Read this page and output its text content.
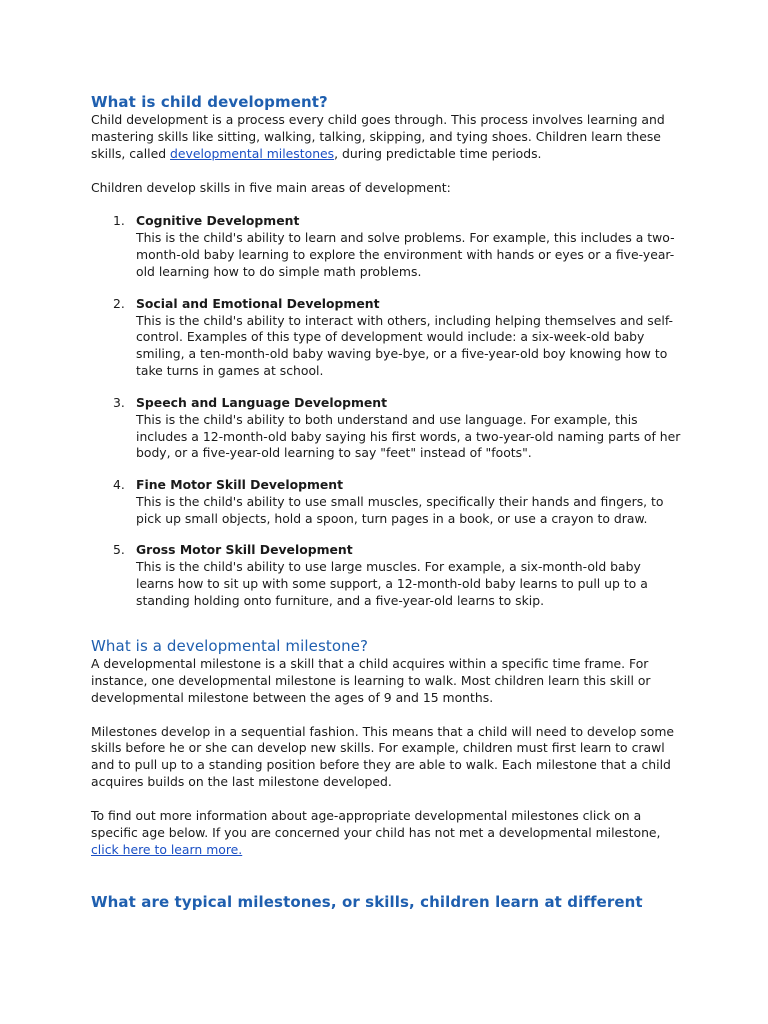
What is child development?

Child development is a process every child goes through. This process involves learning and mastering skills like sitting, walking, talking, skipping, and tying shoes. Children learn these skills, called developmental milestones, during predictable time periods.

Children develop skills in five main areas of development:

1. Cognitive Development
This is the child's ability to learn and solve problems. For example, this includes a two-month-old baby learning to explore the environment with hands or eyes or a five-year-old learning how to do simple math problems.
2. Social and Emotional Development
This is the child's ability to interact with others, including helping themselves and self-control. Examples of this type of development would include: a six-week-old baby smiling, a ten-month-old baby waving bye-bye, or a five-year-old boy knowing how to take turns in games at school.
3. Speech and Language Development
This is the child's ability to both understand and use language. For example, this includes a 12-month-old baby saying his first words, a two-year-old naming parts of her body, or a five-year-old learning to say "feet" instead of "foots".
4. Fine Motor Skill Development
This is the child's ability to use small muscles, specifically their hands and fingers, to pick up small objects, hold a spoon, turn pages in a book, or use a crayon to draw.
5. Gross Motor Skill Development
This is the child's ability to use large muscles. For example, a six-month-old baby learns how to sit up with some support, a 12-month-old baby learns to pull up to a standing holding onto furniture, and a five-year-old learns to skip.
What is a developmental milestone?

A developmental milestone is a skill that a child acquires within a specific time frame. For instance, one developmental milestone is learning to walk. Most children learn this skill or developmental milestone between the ages of 9 and 15 months.

Milestones develop in a sequential fashion. This means that a child will need to develop some skills before he or she can develop new skills. For example, children must first learn to crawl and to pull up to a standing position before they are able to walk. Each milestone that a child acquires builds on the last milestone developed.

To find out more information about age-appropriate developmental milestones click on a specific age below. If you are concerned your child has not met a developmental milestone, click here to learn more.

What are typical milestones, or skills, children learn at different
